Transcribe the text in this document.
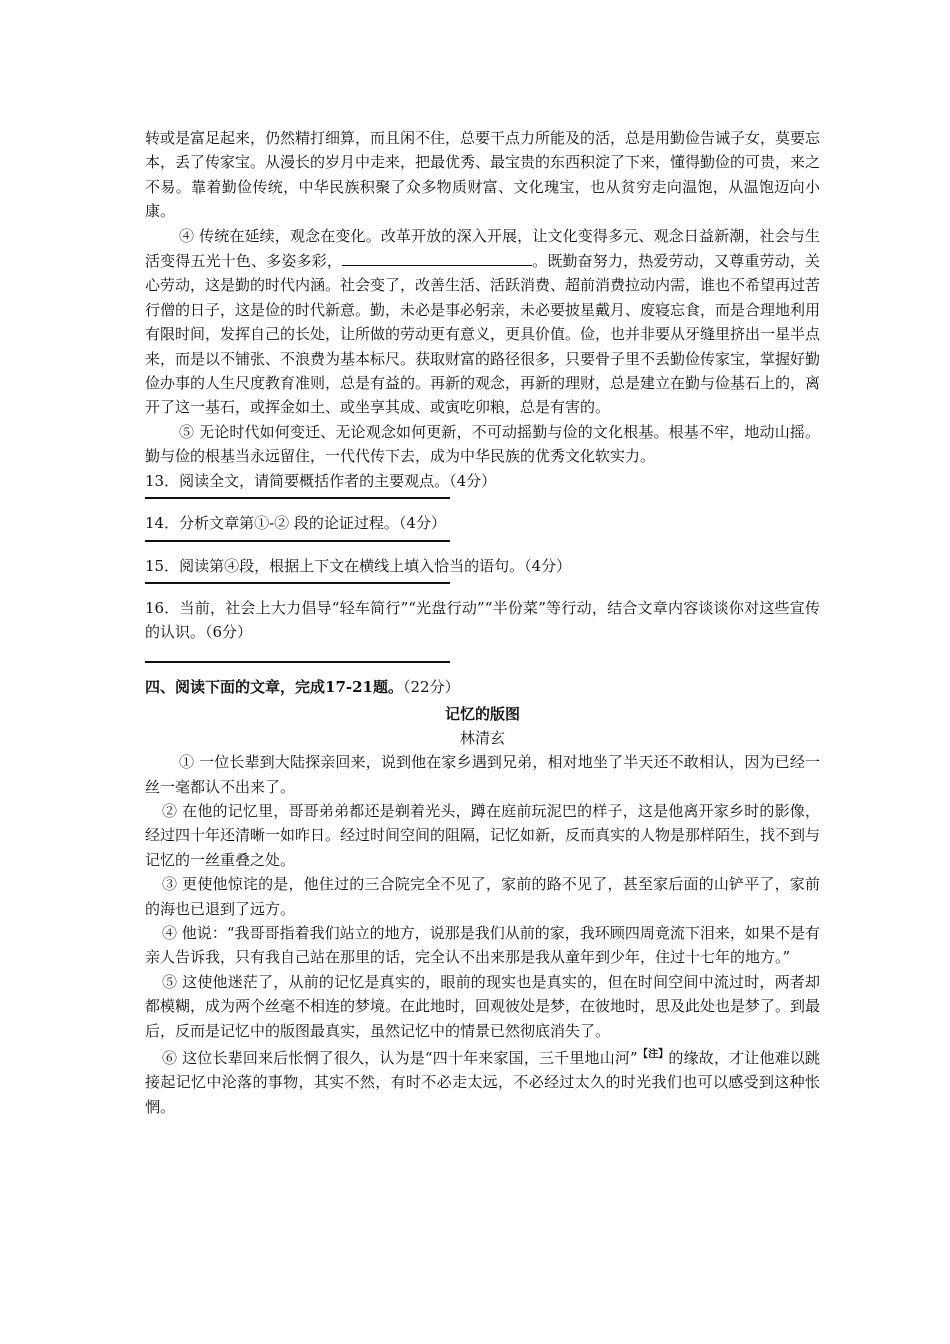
转或是富足起来，仍然精打细算，而且闲不住，总要干点力所能及的活，总是用勤俭告诫子女，莫要忘本，丢了传家宝。从漫长的岁月中走来，把最优秀、最宝贵的东西积淀了下来，懂得勤俭的可贵，来之不易。靠着勤俭传统，中华民族积聚了众多物质财富、文化瑰宝，也从贫穷走向温饱，从温饱迈向小康。

④ 传统在延续，观念在变化。改革开放的深入开展，让文化变得多元、观念日益新潮，社会与生活变得五光十色、多姿多彩，	。既勤奋努力，热爱劳动，又尊重劳动，关心劳动，这是勤的时代内涵。社会变了，改善生活、活跃消费、超前消费拉动内需，谁也不希望再过苦行僧的日子，这是俭的时代新意。勤，未必是事必躬亲，未必要披星戴月、废寝忘食，而是合理地利用有限时间，发挥自己的长处，让所做的劳动更有意义，更具价值。俭，也并非要从牙缝里挤出一星半点来，而是以不铺张、不浪费为基本标尺。获取财富的路径很多，只要骨子里不丢勤俭传家宝，掌握好勤俭办事的人生尺度教育准则，总是有益的。再新的观念，再新的理财，总是建立在勤与俭基石上的，离开了这一基石，或挥金如土、或坐享其成、或寅吃卯粮，总是有害的。

⑤ 无论时代如何变迁、无论观念如何更新，不可动摇勤与俭的文化根基。根基不牢，地动山摇。勤与俭的根基当永远留住，一代代传下去，成为中华民族的优秀文化软实力。

13．阅读全文，请简要概括作者的主要观点。（4分）

14．分析文章第①-② 段的论证过程。（4分）

15．阅读第④段，根据上下文在横线上填入恰当的语句。（4分）

16．当前，社会上大力倡导“轻车简行”“光盘行动”“半份菜”等行动，结合文章内容谈谈你对这些宣传的认识。（6分）

四、阅读下面的文章，完成17-21题。（22分）

记忆的版图

林清玄

① 一位长辈到大陆探亲回来，说到他在家乡遇到兄弟，相对地坐了半天还不敢相认，因为已经一丝一毫都认不出来了。

② 在他的记忆里，哥哥弟弟都还是剃着光头，蹲在庭前玩泥巴的样子，这是他离开家乡时的影像，经过四十年还清晰一如昨日。经过时间空间的阻隔，记忆如新，反而真实的人物是那样陌生，找不到与记忆的一丝重叠之处。

③ 更使他惊诧的是，他住过的三合院完全不见了，家前的路不见了，甚至家后面的山铲平了，家前的海也已退到了远方。

④ 他说：“我哥哥指着我们站立的地方，说那是我们从前的家，我环顾四周竟流下泪来，如果不是有亲人告诉我，只有我自己站在那里的话，完全认不出来那是我从童年到少年，住过十七年的地方。”

⑤ 这使他迷茫了，从前的记忆是真实的，眼前的现实也是真实的，但在时间空间中流过时，两者却都模糊，成为两个丝毫不相连的梦境。在此地时，回观彼处是梦，在彼地时，思及此处也是梦了。到最后，反而是记忆中的版图最真实，虽然记忆中的情景已然彻底消失了。

⑥ 这位长辈回来后怅惘了很久，认为是“四十年来家国，三千里地山河”$^{【注】}$的缘故，才让他难以跳接起记忆中沦落的事物，其实不然，有时不必走太远，不必经过太久的时光我们也可以感受到这种怅惘。
